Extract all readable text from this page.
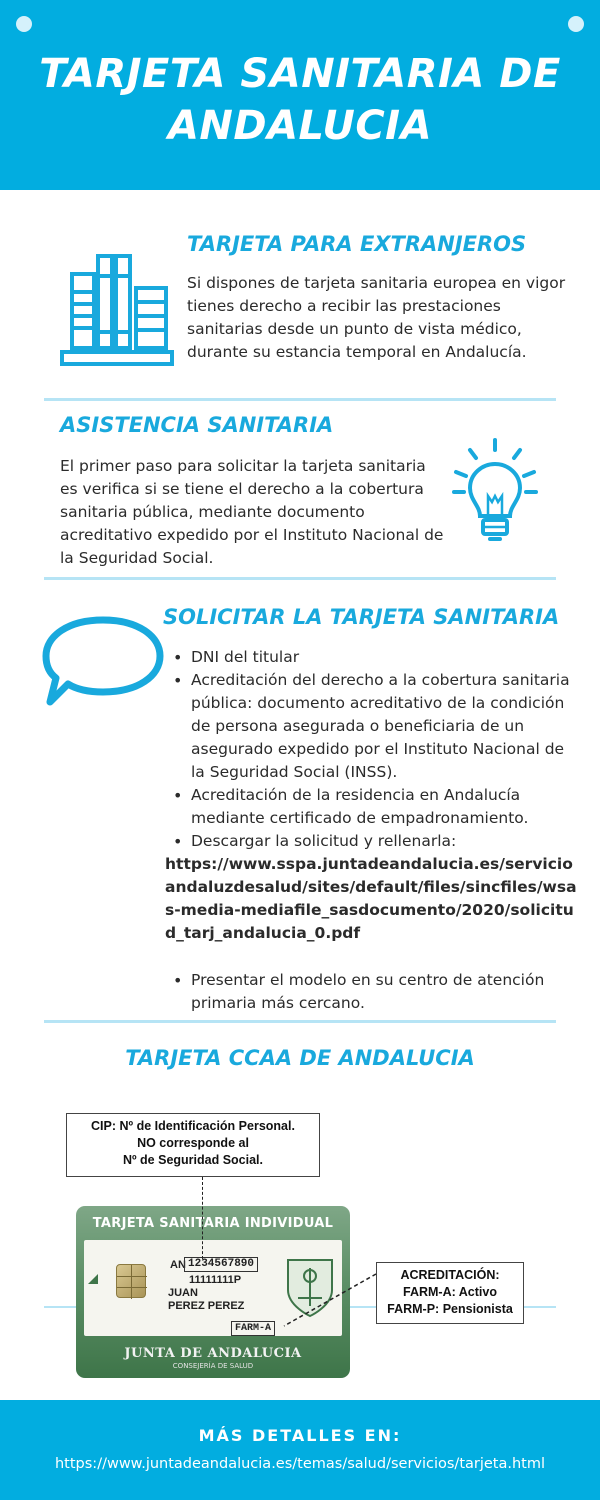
TARJETA SANITARIA DE ANDALUCIA
TARJETA PARA EXTRANJEROS

Si dispones de tarjeta sanitaria europea en vigor tienes derecho a recibir las prestaciones sanitarias desde un punto de vista médico, durante su estancia temporal en Andalucía.

ASISTENCIA SANITARIA

El primer paso para solicitar la tarjeta sanitaria es verifica si se tiene el derecho a la cobertura sanitaria pública, mediante documento acreditativo expedido por el Instituto Nacional de la Seguridad Social.

SOLICITAR LA TARJETA SANITARIA
• DNI del titular
• Acreditación del derecho a la cobertura sanitaria pública: documento acreditativo de la condición de persona asegurada o beneficiaria de un asegurado expedido por el Instituto Nacional de la Seguridad Social (INSS).
• Acreditación de la residencia en Andalucía mediante certificado de empadronamiento.
• Descargar la solicitud y rellenarla:

https://www.sspa.juntadeandalucia.es/servicioandaluzdesalud/sites/default/files/sincfiles/wsas-media-mediafile_sasdocumento/2020/solicitud_tarj_andalucia_0.pdf

• Presentar el modelo en su centro de atención primaria más cercano.
TARJETA CCAA DE ANDALUCIA
TARJETA SANITARIA INDIVIDUAL
AN 1234567890
11111111P
JUAN
PEREZ PEREZ
FARM-A
JUNTA DE ANDALUCIA
CONSEJERÍA DE SALUD
CIP: Nº de Identificación Personal.
NO corresponde al
Nº de Seguridad Social.
ACREDITACIÓN:
FARM-A: Activo
FARM-P: Pensionista
MÁS DETALLES EN:
https://www.juntadeandalucia.es/temas/salud/servicios/tarjeta.html
